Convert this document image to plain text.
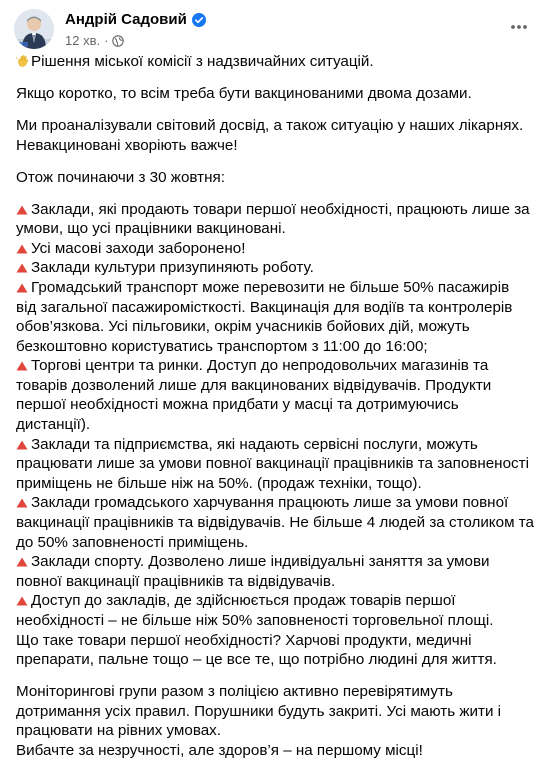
Андрій Садовий
12 хв. ·

Рішення міської комісії з надзвичайних ситуацій.

Якщо коротко, то всім треба бути вакцинованими двома дозами.

Ми проаналізували світовий досвід, а також ситуацію у наших лікарнях.
Невакциновані хворіють важче!

Отож починаючи з 30 жовтня:

Заклади, які продають товари першої необхідності, працюють лише за
умови, що усі працівники вакциновані.
Усі масові заходи заборонено!
Заклади культури призупиняють роботу.
Громадський транспорт може перевозити не більше 50% пасажирів
від загальної пасажиромісткості. Вакцинація для водіїв та контролерів
обов’язкова. Усі пільговики, окрім учасників бойових дій, можуть
безкоштовно користуватись транспортом з 11:00 до 16:00;
Торгові центри та ринки. Доступ до непродовольчих магазинів та
товарів дозволений лише для вакцинованих відвідувачів. Продукти
першої необхідності можна придбати у масці та дотримуючись
дистанції).
Заклади та підприємства, які надають сервісні послуги, можуть
працювати лише за умови повної вакцинації працівників та заповненості
приміщень не більше ніж на 50%. (продаж техніки, тощо).
Заклади громадського харчування працюють лише за умови повної
вакцинації працівників та відвідувачів. Не більше 4 людей за столиком та
до 50% заповненості приміщень.
Заклади спорту. Дозволено лише індивідуальні заняття за умови
повної вакцинації працівників та відвідувачів.
Доступ до закладів, де здійснюється продаж товарів першої
необхідності – не більше ніж 50% заповненості торговельної площі.
Що таке товари першої необхідності? Харчові продукти, медичні
препарати, пальне тощо – це все те, що потрібно людині для життя.

Моніторингові групи разом з поліцією активно перевірятимуть
дотримання усіх правил. Порушники будуть закриті. Усі мають жити і
працювати на рівних умовах.
Вибачте за незручності, але здоров’я – на першому місці!
